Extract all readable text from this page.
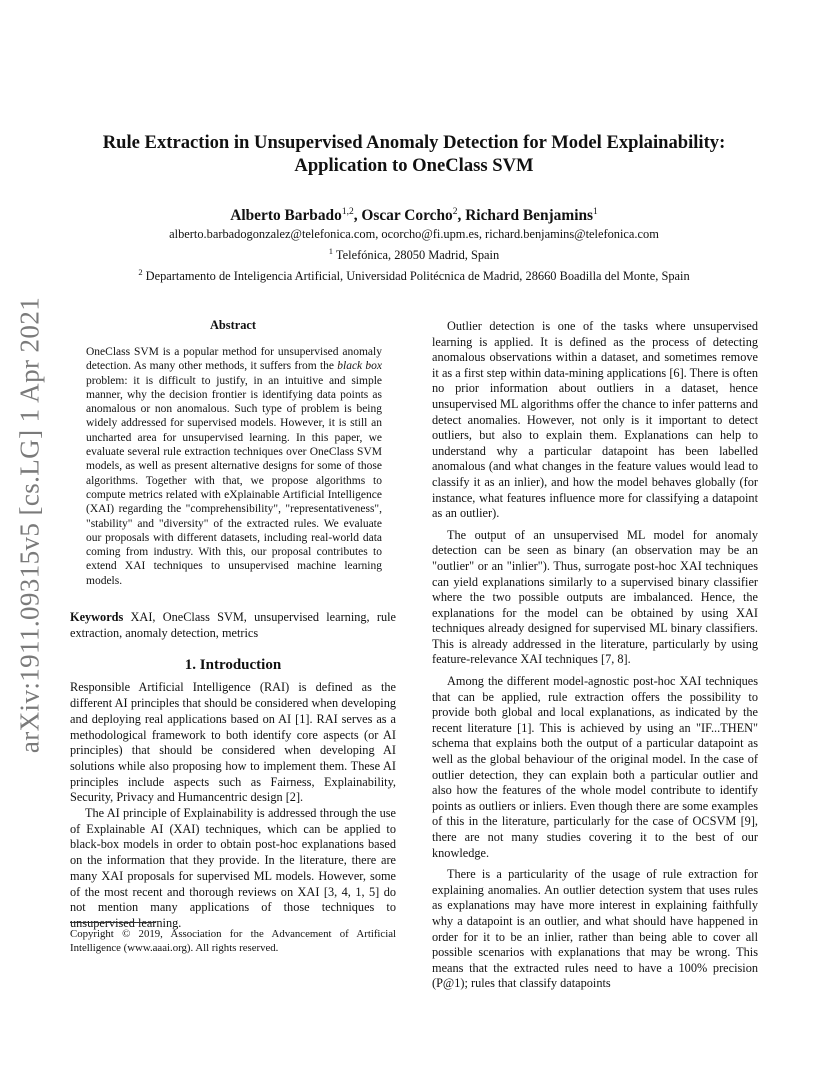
arXiv:1911.09315v5 [cs.LG] 1 Apr 2021
Rule Extraction in Unsupervised Anomaly Detection for Model Explainability:
Application to OneClass SVM
Alberto Barbado$^{1,2}$, Oscar Corcho$^2$, Richard Benjamins$^1$
alberto.barbadogonzalez@telefonica.com, ocorcho@fi.upm.es, richard.benjamins@telefonica.com
$^1$ Telefónica, 28050 Madrid, Spain
$^2$ Departamento de Inteligencia Artificial, Universidad Politécnica de Madrid, 28660 Boadilla del Monte, Spain
Abstract

OneClass SVM is a popular method for unsupervised anomaly detection. As many other methods, it suffers from the black box problem: it is difficult to justify, in an intuitive and simple manner, why the decision frontier is identifying data points as anomalous or non anomalous. Such type of problem is being widely addressed for supervised models. However, it is still an uncharted area for unsupervised learning. In this paper, we evaluate several rule extraction techniques over OneClass SVM models, as well as present alternative designs for some of those algorithms. Together with that, we propose algorithms to compute metrics related with eXplainable Artificial Intelligence (XAI) regarding the "comprehensibility", "representativeness", "stability" and "diversity" of the extracted rules. We evaluate our proposals with different datasets, including real-world data coming from industry. With this, our proposal contributes to extend XAI techniques to unsupervised machine learning models.

Keywords XAI, OneClass SVM, unsupervised learning, rule extraction, anomaly detection, metrics

1. Introduction

Responsible Artificial Intelligence (RAI) is defined as the different AI principles that should be considered when developing and deploying real applications based on AI [1]. RAI serves as a methodological framework to both identify core aspects (or AI principles) that should be considered when developing AI solutions while also proposing how to implement them. These AI principles include aspects such as Fairness, Explainability, Security, Privacy and Humancentric design [2].

The AI principle of Explainability is addressed through the use of Explainable AI (XAI) techniques, which can be applied to black-box models in order to obtain post-hoc explanations based on the information that they provide. In the literature, there are many XAI proposals for supervised ML models. However, some of the most recent and thorough reviews on XAI [3, 4, 1, 5] do not mention many applications of those techniques to unsupervised learning.

Outlier detection is one of the tasks where unsupervised learning is applied. It is defined as the process of detecting anomalous observations within a dataset, and sometimes remove it as a first step within data-mining applications [6]. There is often no prior information about outliers in a dataset, hence unsupervised ML algorithms offer the chance to infer patterns and detect anomalies. However, not only is it important to detect outliers, but also to explain them. Explanations can help to understand why a particular datapoint has been labelled anomalous (and what changes in the feature values would lead to classify it as an inlier), and how the model behaves globally (for instance, what features influence more for classifying a datapoint as an outlier).

The output of an unsupervised ML model for anomaly detection can be seen as binary (an observation may be an "outlier" or an "inlier"). Thus, surrogate post-hoc XAI techniques can yield explanations similarly to a supervised binary classifier where the two possible outputs are imbalanced. Hence, the explanations for the model can be obtained by using XAI techniques already designed for supervised ML binary classifiers. This is already addressed in the literature, particularly by using feature-relevance XAI techniques [7, 8].

Among the different model-agnostic post-hoc XAI techniques that can be applied, rule extraction offers the possibility to provide both global and local explanations, as indicated by the recent literature [1]. This is achieved by using an "IF...THEN" schema that explains both the output of a particular datapoint as well as the global behaviour of the original model. In the case of outlier detection, they can explain both a particular outlier and also how the features of the whole model contribute to identify points as outliers or inliers. Even though there are some examples of this in the literature, particularly for the case of OCSVM [9], there are not many studies covering it to the best of our knowledge.

There is a particularity of the usage of rule extraction for explaining anomalies. An outlier detection system that uses rules as explanations may have more interest in explaining faithfully why a datapoint is an outlier, and what should have happened in order for it to be an inlier, rather than being able to cover all possible scenarios with explanations that may be wrong. This means that the extracted rules need to have a 100% precision (P@1); rules that classify datapoints

Copyright © 2019, Association for the Advancement of Artificial Intelligence (www.aaai.org). All rights reserved.
